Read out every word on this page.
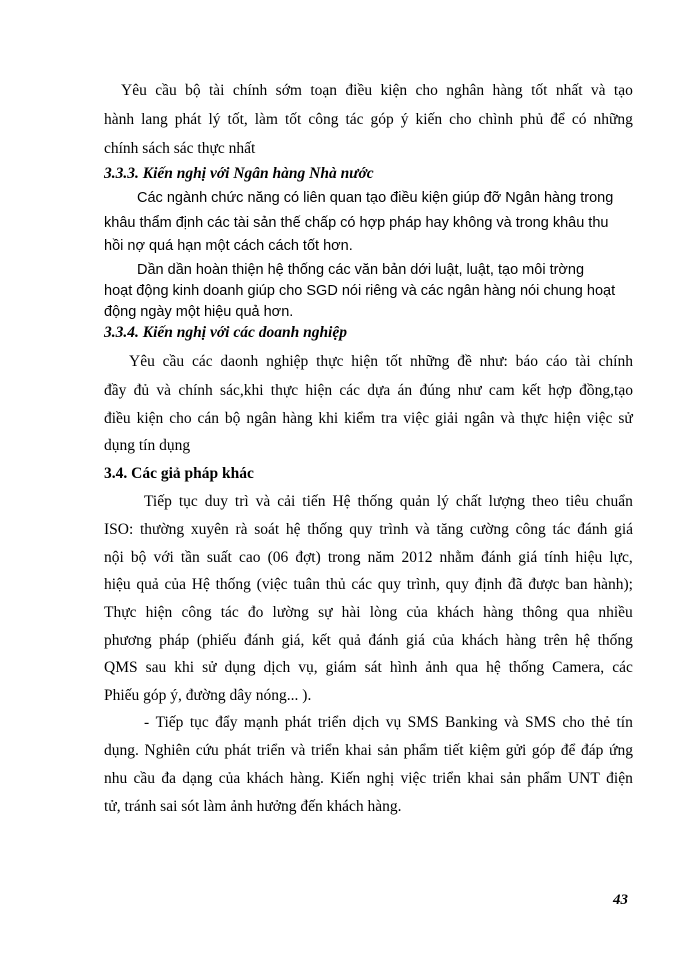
Yêu cầu bộ tài chính sớm toạn điều kiện cho nghân hàng tốt nhất và tạo
hành lang phát lý tốt, làm tốt công tác góp ý kiến cho chình phủ để có những
chính sách sác thực nhất
3.3.3. Kiến nghị với Ngân hàng Nhà nước
Các ngành chức năng có liên quan tạo điều kiện giúp đỡ Ngân hàng trong
khâu thẩm định các tài sản thế chấp có hợp pháp hay không và trong khâu thu
hồi nợ quá hạn một cách cách tốt hơn.
Dần dần hoàn thiện hệ thống các văn bản dới luật, luật, tạo môi trờng
hoạt động kinh doanh giúp cho SGD nói riêng và các ngân hàng nói chung hoạt
động ngày một hiệu quả hơn.
3.3.4. Kiến nghị với các doanh nghiệp
Yêu cầu các daonh nghiệp thực hiện tốt những đề như: báo cáo tài chính
đầy đủ và chính sác,khi thực hiện các dựa án đúng như cam kết hợp đồng,tạo
điều kiện cho cán bộ ngân hàng khi kiểm tra việc giải ngân và thực hiện việc sử
dụng tín dụng
3.4. Các giả pháp khác
Tiếp tục duy trì và cải tiến Hệ thống quản lý chất lượng theo tiêu chuẩn
ISO: thường xuyên rà soát hệ thống quy trình và tăng cường công tác đánh giá
nội bộ với tần suất cao (06 đợt) trong năm 2012 nhằm đánh giá tính hiệu lực,
hiệu quả của Hệ thống (việc tuân thủ các quy trình, quy định đã được ban hành);
Thực hiện công tác đo lường sự hài lòng của khách hàng thông qua nhiều
phương pháp (phiếu đánh giá, kết quả đánh giá của khách hàng trên hệ thống
QMS sau khi sử dụng dịch vụ, giám sát hình ảnh qua hệ thống Camera, các
Phiếu góp ý, đường dây nóng... ).
- Tiếp tục đẩy mạnh phát triển dịch vụ SMS Banking và SMS cho thẻ tín
dụng. Nghiên cứu phát triển và triển khai sản phẩm tiết kiệm gửi góp để đáp ứng
nhu cầu đa dạng của khách hàng. Kiến nghị việc triển khai sản phẩm UNT điện
tử, tránh sai sót làm ảnh hưởng đến khách hàng.
43
